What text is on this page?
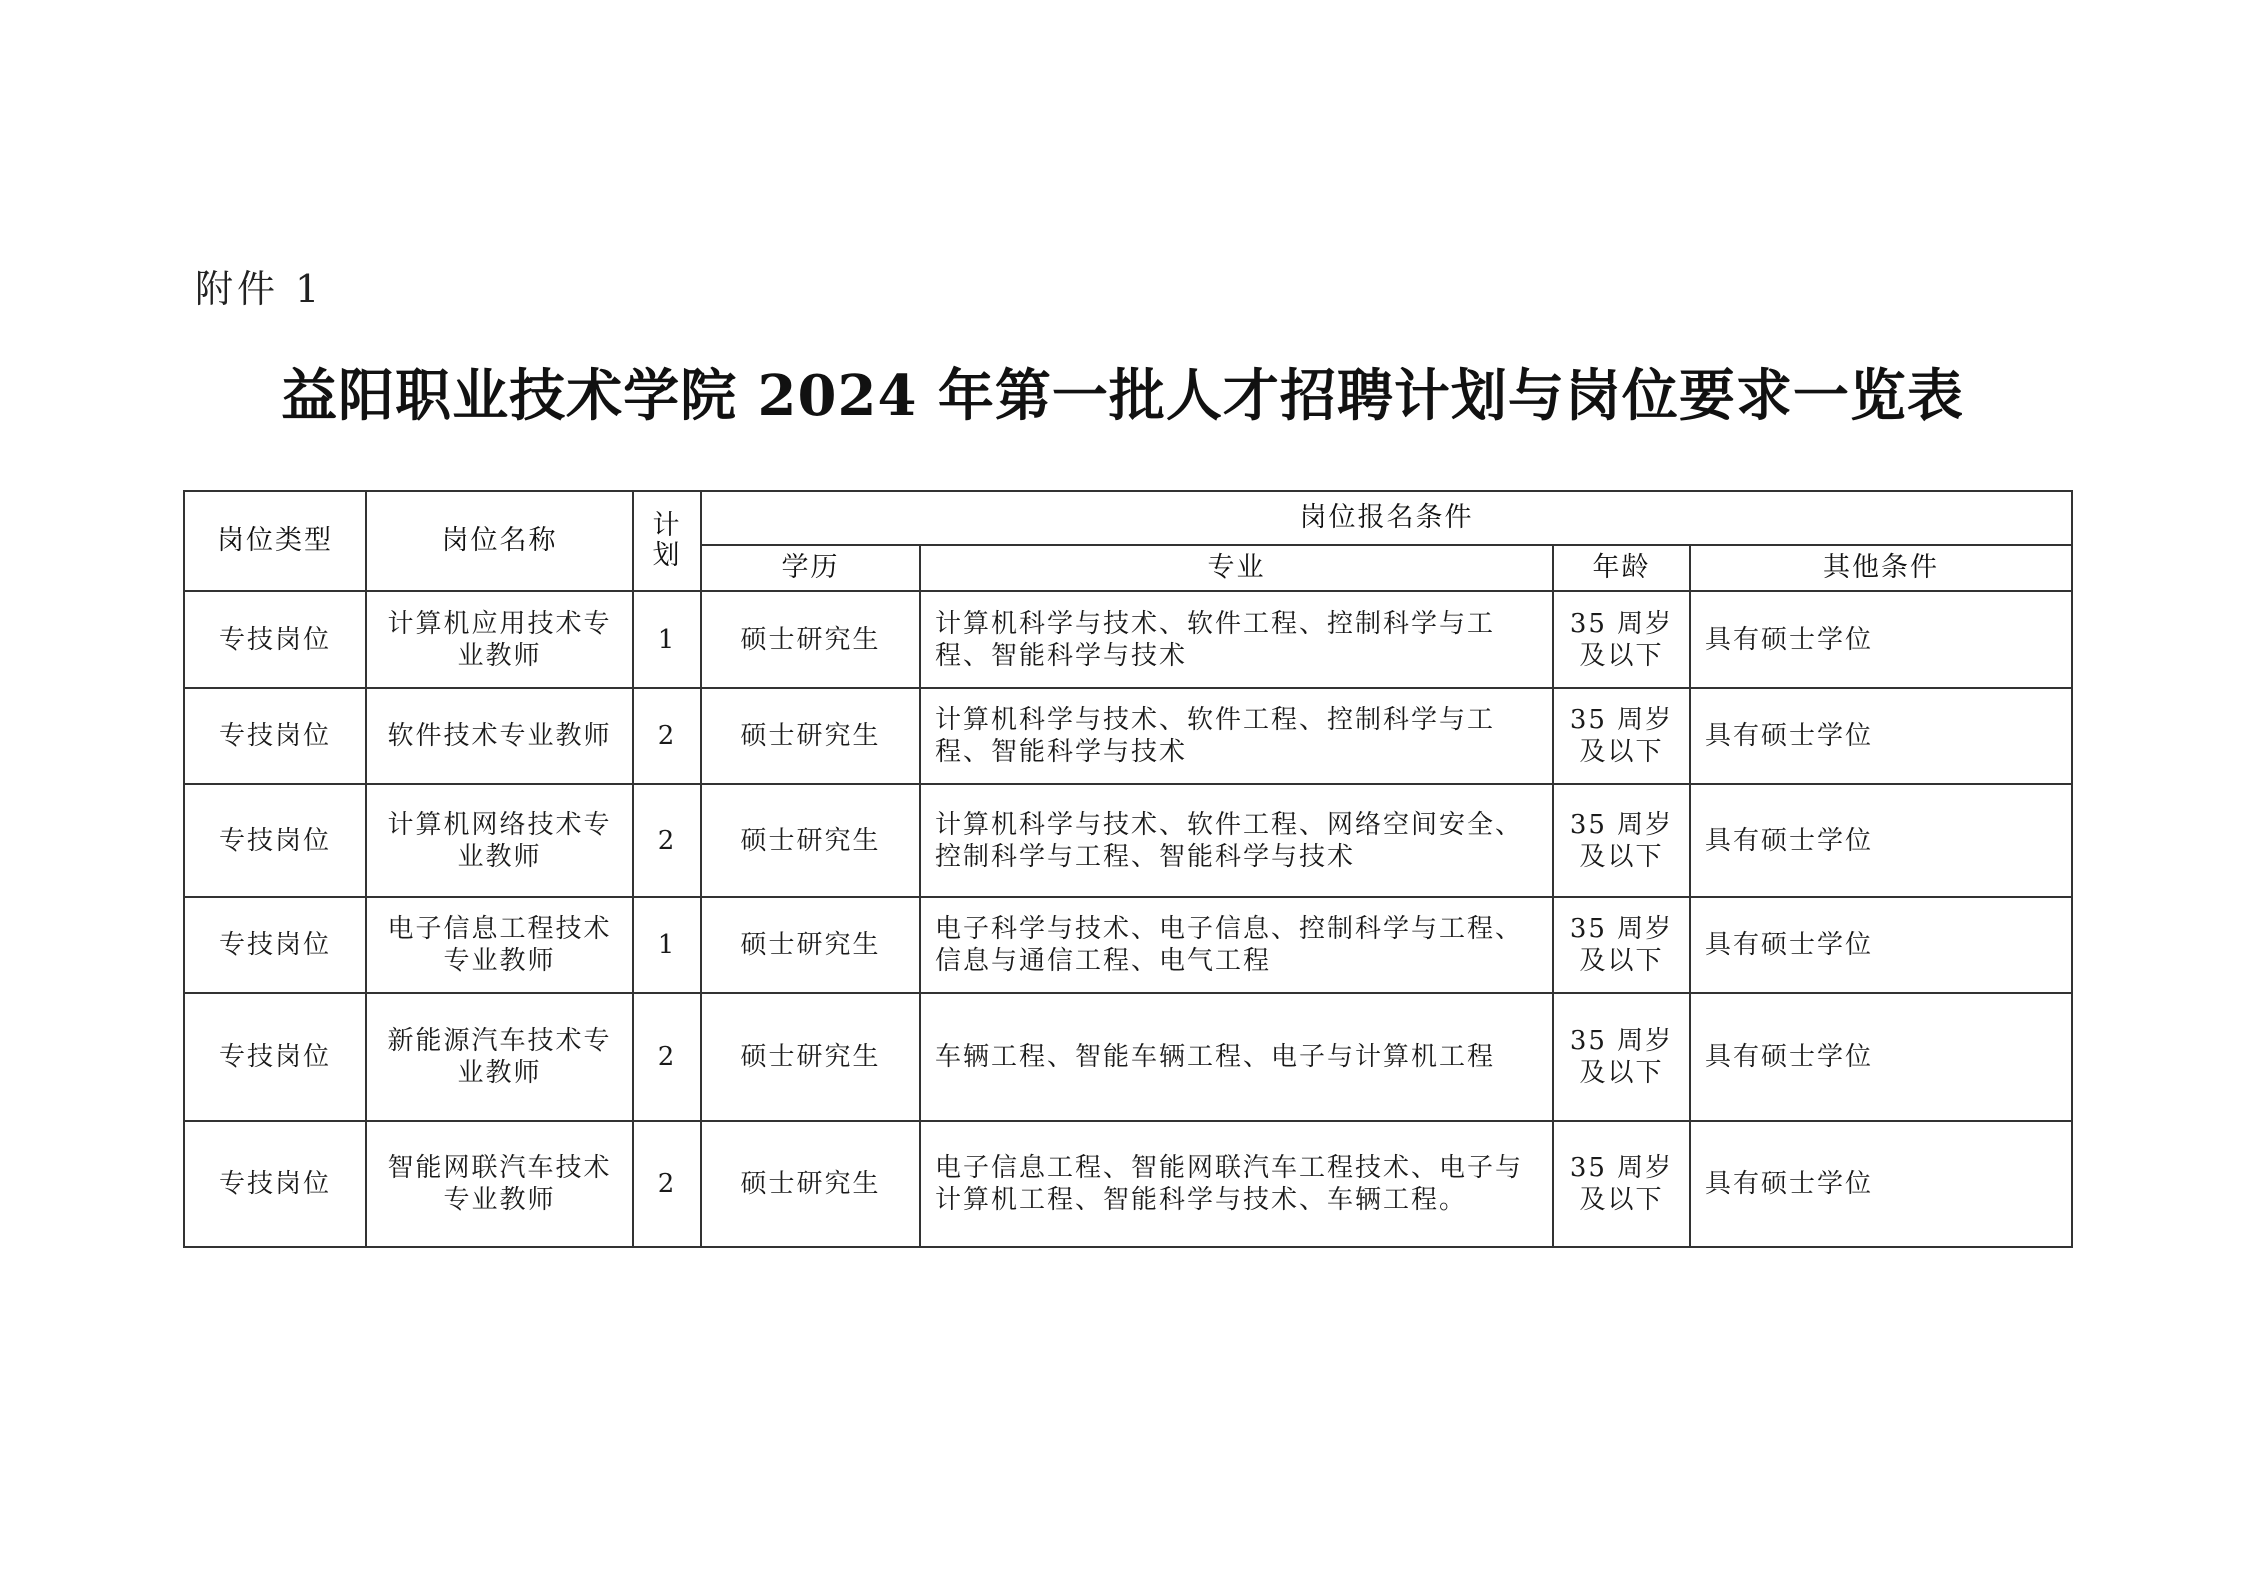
附件 1
益阳职业技术学院 2024 年第一批人才招聘计划与岗位要求一览表
岗位类型	岗位名称	计划	岗位报名条件			
			学历	专业	年龄	其他条件
专技岗位	计算机应用技术专业教师	1	硕士研究生	计算机科学与技术、软件工程、控制科学与工程、智能科学与技术	35 周岁及以下	具有硕士学位
专技岗位	软件技术专业教师	2	硕士研究生	计算机科学与技术、软件工程、控制科学与工程、智能科学与技术	35 周岁及以下	具有硕士学位
专技岗位	计算机网络技术专业教师	2	硕士研究生	计算机科学与技术、软件工程、网络空间安全、控制科学与工程、智能科学与技术	35 周岁及以下	具有硕士学位
专技岗位	电子信息工程技术专业教师	1	硕士研究生	电子科学与技术、电子信息、控制科学与工程、信息与通信工程、电气工程	35 周岁及以下	具有硕士学位
专技岗位	新能源汽车技术专业教师	2	硕士研究生	车辆工程、智能车辆工程、电子与计算机工程	35 周岁及以下	具有硕士学位
专技岗位	智能网联汽车技术专业教师	2	硕士研究生	电子信息工程、智能网联汽车工程技术、电子与计算机工程、智能科学与技术、车辆工程。	35 周岁及以下	具有硕士学位
